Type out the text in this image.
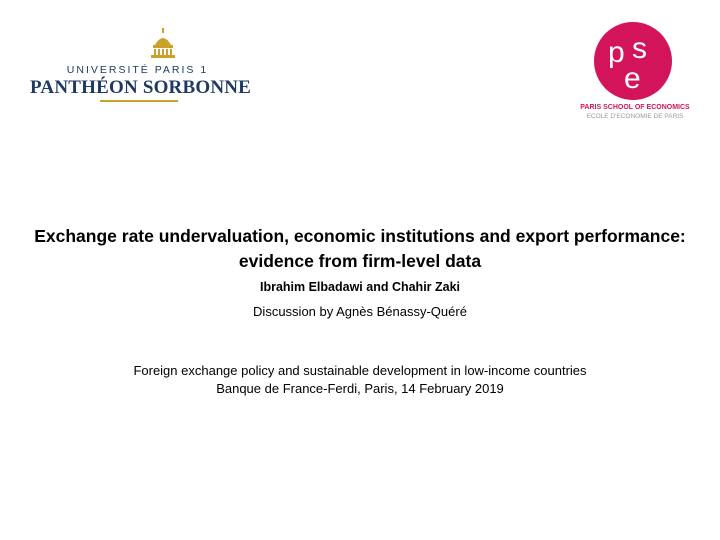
UNIVERSITÉ PARIS 1
PANTHÉON SORBONNE
p s
e
PARIS SCHOOL OF ECONOMICS
ECOLE D'ECONOMIE DE PARIS
Exchange rate undervaluation, economic institutions and export performance:
evidence from firm-level data
Ibrahim Elbadawi and Chahir Zaki
Discussion by Agnès Bénassy-Quéré
Foreign exchange policy and sustainable development in low-income countries
Banque de France-Ferdi, Paris, 14 February 2019
